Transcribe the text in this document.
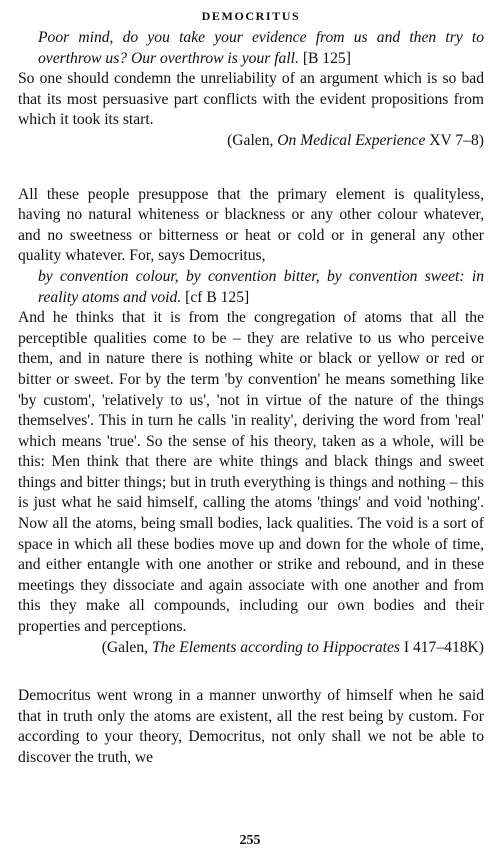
DEMOCRITUS
Poor mind, do you take your evidence from us and then try to overthrow us? Our overthrow is your fall. [B 125]

So one should condemn the unreliability of an argument which is so bad that its most persuasive part conflicts with the evident propositions from which it took its start.

(Galen, On Medical Experience XV 7–8)

All these people presuppose that the primary element is qualityless, having no natural whiteness or blackness or any other colour whatever, and no sweetness or bitterness or heat or cold or in general any other quality whatever. For, says Democritus,

by convention colour, by convention bitter, by convention sweet: in reality atoms and void. [cf B 125]

And he thinks that it is from the congregation of atoms that all the perceptible qualities come to be – they are relative to us who perceive them, and in nature there is nothing white or black or yellow or red or bitter or sweet. For by the term 'by convention' he means something like 'by custom', 'relatively to us', 'not in virtue of the nature of the things themselves'. This in turn he calls 'in reality', deriving the word from 'real' which means 'true'. So the sense of his theory, taken as a whole, will be this: Men think that there are white things and black things and sweet things and bitter things; but in truth everything is things and nothing – this is just what he said himself, calling the atoms 'things' and void 'nothing'. Now all the atoms, being small bodies, lack qualities. The void is a sort of space in which all these bodies move up and down for the whole of time, and either entangle with one another or strike and rebound, and in these meetings they dissociate and again associate with one another and from this they make all compounds, including our own bodies and their properties and perceptions.

(Galen, The Elements according to Hippocrates I 417–418K)

Democritus went wrong in a manner unworthy of himself when he said that in truth only the atoms are existent, all the rest being by custom. For according to your theory, Democritus, not only shall we not be able to discover the truth, we

255
